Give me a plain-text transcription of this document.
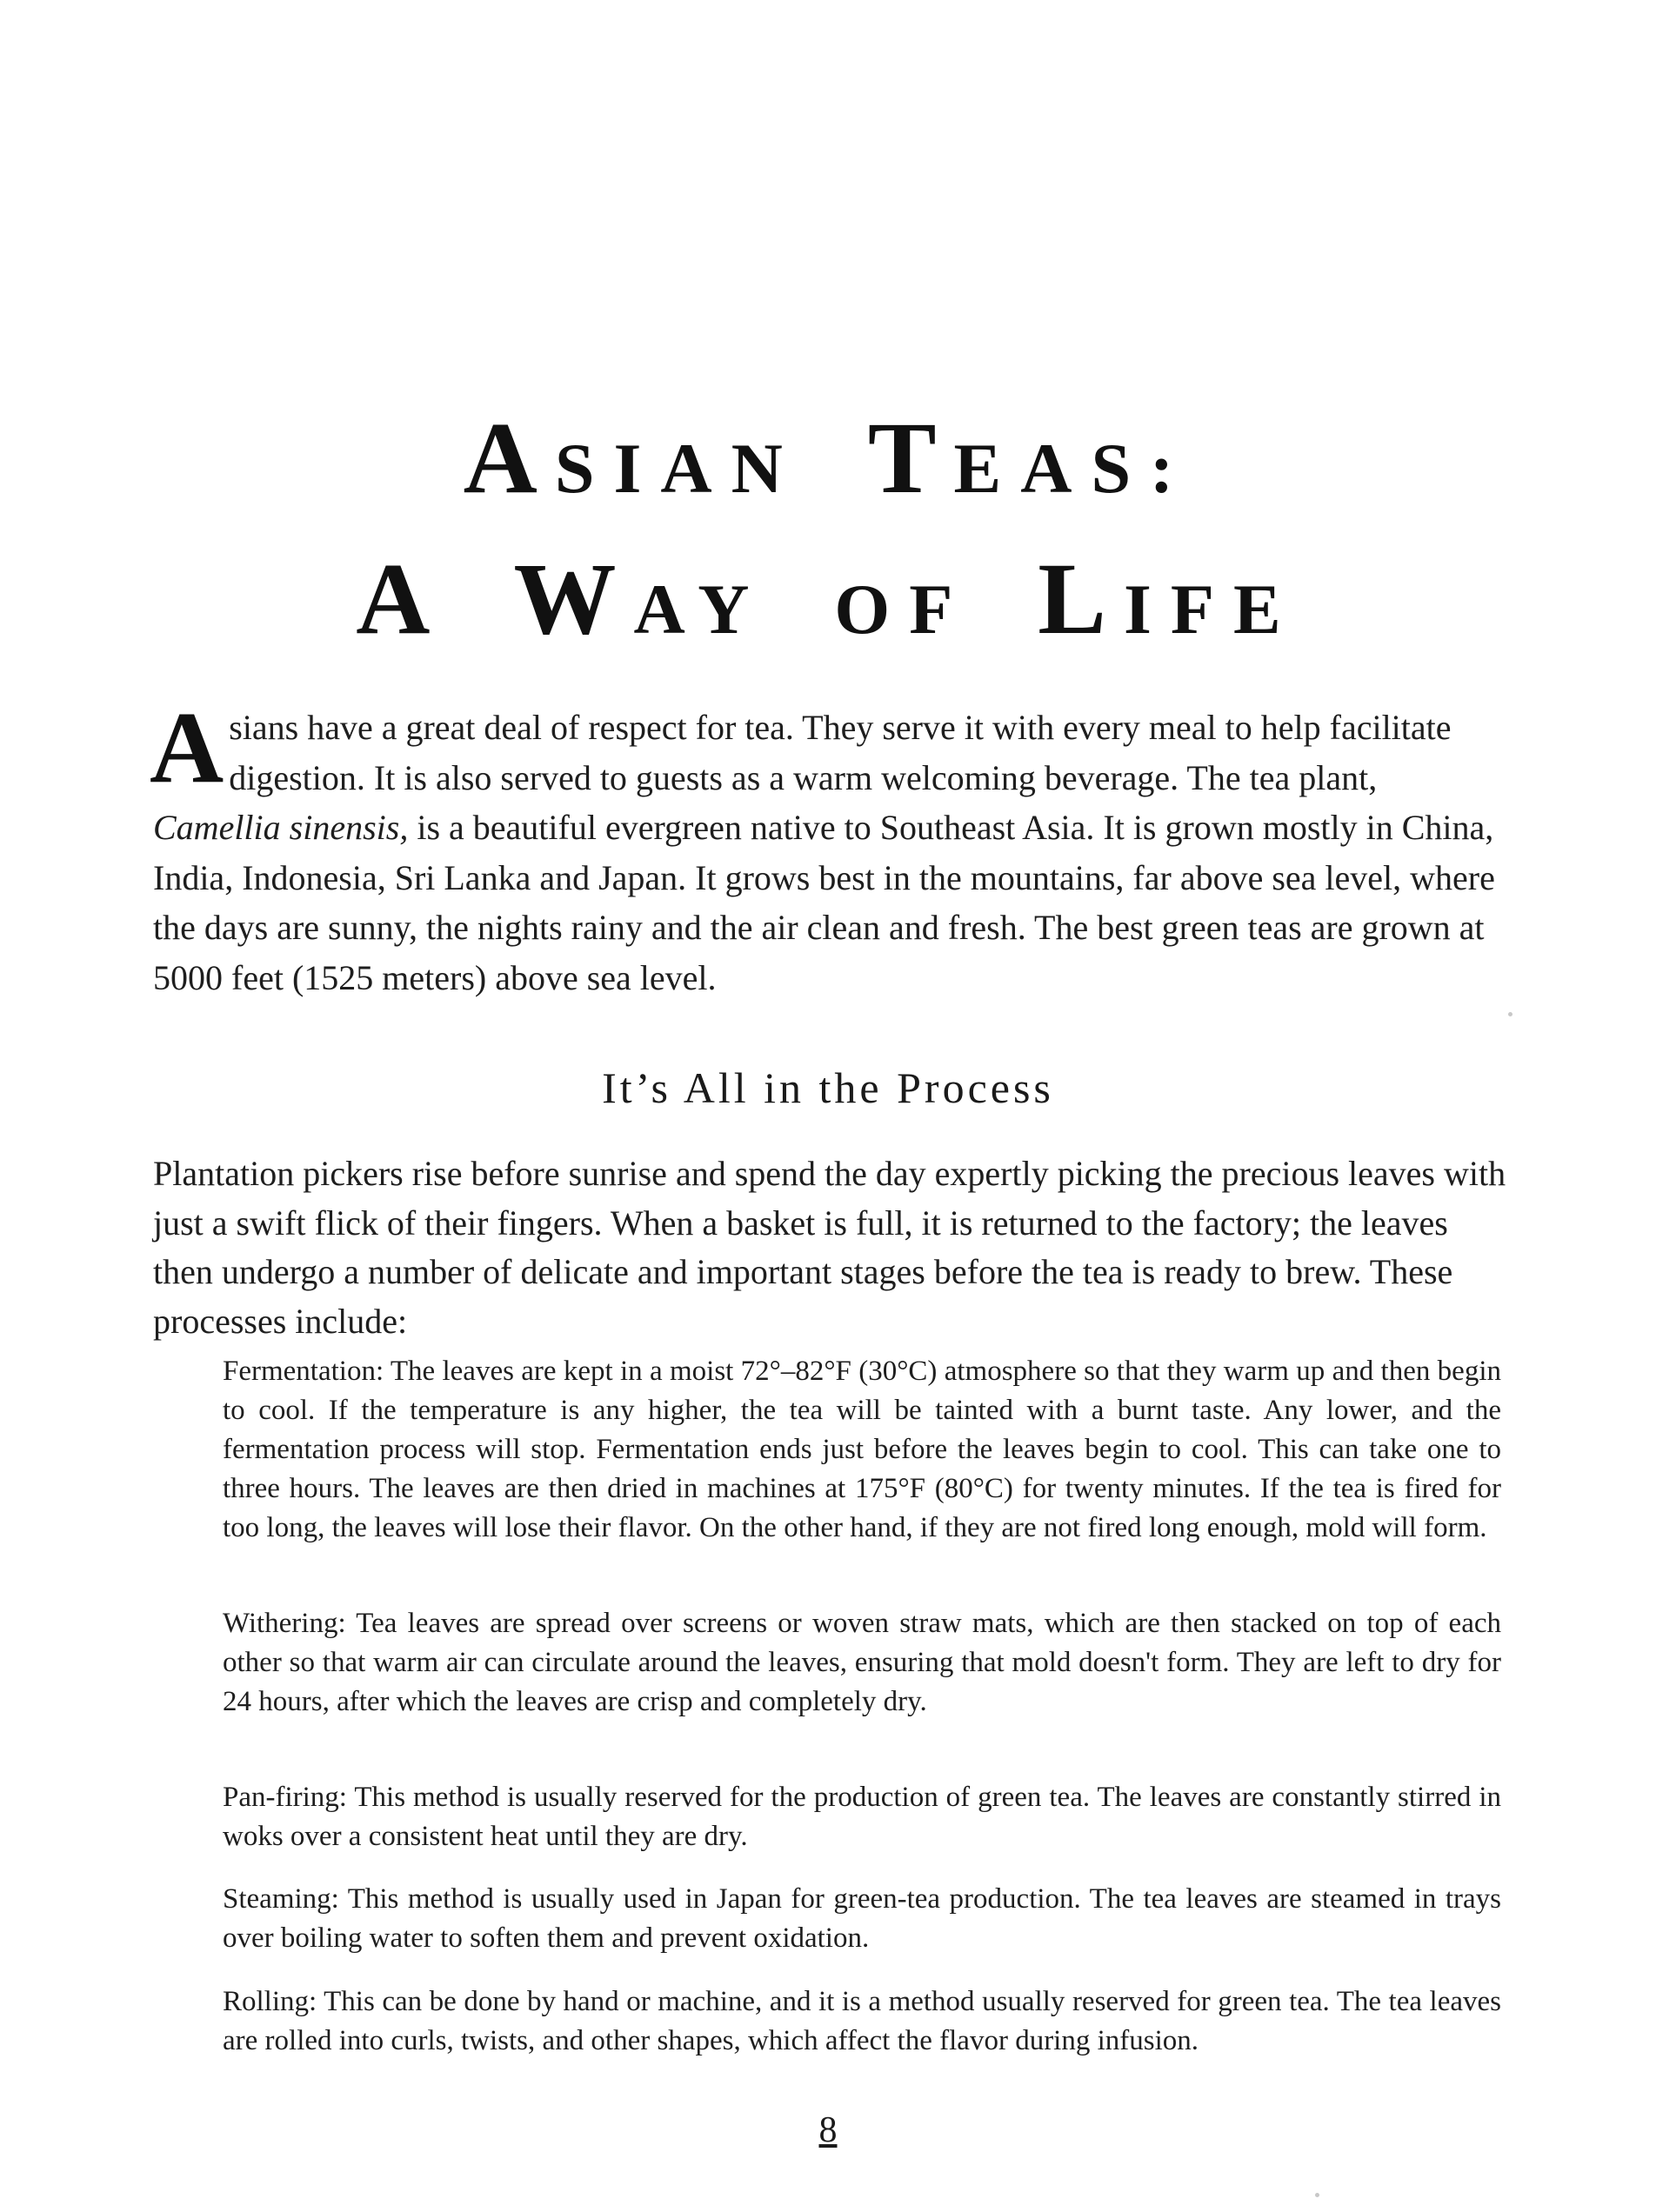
ASIAN TEAS:
A WAY OF LIFE

Asians have a great deal of respect for tea. They serve it with every meal to help facilitate digestion. It is also served to guests as a warm welcoming beverage. The tea plant, Camellia sinensis, is a beautiful evergreen native to Southeast Asia. It is grown mostly in China, India, Indonesia, Sri Lanka and Japan. It grows best in the mountains, far above sea level, where the days are sunny, the nights rainy and the air clean and fresh. The best green teas are grown at 5000 feet (1525 meters) above sea level.

It’s All in the Process

Plantation pickers rise before sunrise and spend the day expertly picking the precious leaves with just a swift flick of their fingers. When a basket is full, it is returned to the factory; the leaves then undergo a number of delicate and important stages before the tea is ready to brew. These processes include:

Fermentation: The leaves are kept in a moist 72°–82°F (30°C) atmosphere so that they warm up and then begin to cool. If the temperature is any higher, the tea will be tainted with a burnt taste. Any lower, and the fermentation process will stop. Fermentation ends just before the leaves begin to cool. This can take one to three hours. The leaves are then dried in machines at 175°F (80°C) for twenty minutes. If the tea is fired for too long, the leaves will lose their flavor. On the other hand, if they are not fired long enough, mold will form.

Withering: Tea leaves are spread over screens or woven straw mats, which are then stacked on top of each other so that warm air can circulate around the leaves, ensuring that mold doesn't form. They are left to dry for 24 hours, after which the leaves are crisp and completely dry.

Pan-firing: This method is usually reserved for the production of green tea. The leaves are constantly stirred in woks over a consistent heat until they are dry.

Steaming: This method is usually used in Japan for green-tea production. The tea leaves are steamed in trays over boiling water to soften them and prevent oxidation.

Rolling: This can be done by hand or machine, and it is a method usually reserved for green tea. The tea leaves are rolled into curls, twists, and other shapes, which affect the flavor during infusion.

8
